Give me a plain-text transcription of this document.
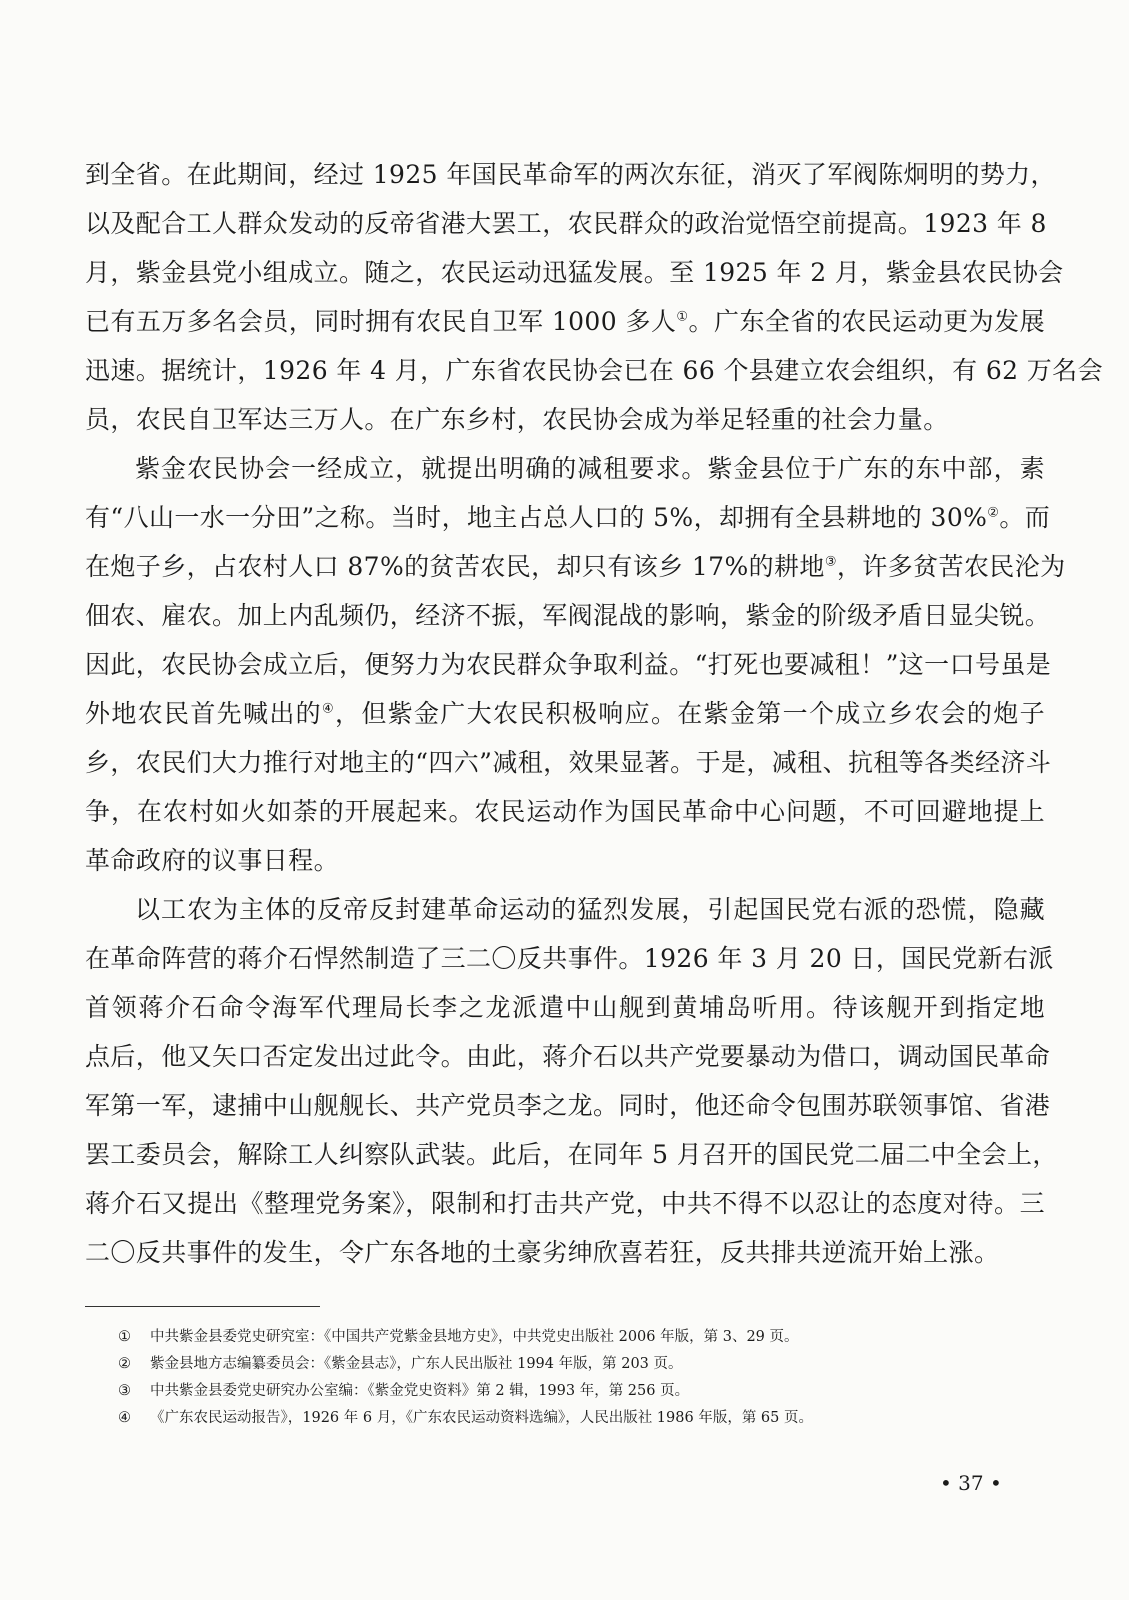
到全省。在此期间，经过 1925 年国民革命军的两次东征，消灭了军阀陈炯明的势力，
以及配合工人群众发动的反帝省港大罢工，农民群众的政治觉悟空前提高。1923 年 8
月，紫金县党小组成立。随之，农民运动迅猛发展。至 1925 年 2 月，紫金县农民协会
已有五万多名会员，同时拥有农民自卫军 1000 多人①。广东全省的农民运动更为发展
迅速。据统计，1926 年 4 月，广东省农民协会已在 66 个县建立农会组织，有 62 万名会
员，农民自卫军达三万人。在广东乡村，农民协会成为举足轻重的社会力量。
紫金农民协会一经成立，就提出明确的减租要求。紫金县位于广东的东中部，素
有“八山一水一分田”之称。当时，地主占总人口的 5%，却拥有全县耕地的 30%②。而
在炮子乡，占农村人口 87%的贫苦农民，却只有该乡 17%的耕地③，许多贫苦农民沦为
佃农、雇农。加上内乱频仍，经济不振，军阀混战的影响，紫金的阶级矛盾日显尖锐。
因此，农民协会成立后，便努力为农民群众争取利益。“打死也要减租！”这一口号虽是
外地农民首先喊出的④，但紫金广大农民积极响应。在紫金第一个成立乡农会的炮子
乡，农民们大力推行对地主的“四六”减租，效果显著。于是，减租、抗租等各类经济斗
争，在农村如火如荼的开展起来。农民运动作为国民革命中心问题，不可回避地提上
革命政府的议事日程。
以工农为主体的反帝反封建革命运动的猛烈发展，引起国民党右派的恐慌，隐藏
在革命阵营的蒋介石悍然制造了三二〇反共事件。1926 年 3 月 20 日，国民党新右派
首领蒋介石命令海军代理局长李之龙派遣中山舰到黄埔岛听用。待该舰开到指定地
点后，他又矢口否定发出过此令。由此，蒋介石以共产党要暴动为借口，调动国民革命
军第一军，逮捕中山舰舰长、共产党员李之龙。同时，他还命令包围苏联领事馆、省港
罢工委员会，解除工人纠察队武装。此后，在同年 5 月召开的国民党二届二中全会上，
蒋介石又提出《整理党务案》，限制和打击共产党，中共不得不以忍让的态度对待。三
二〇反共事件的发生，令广东各地的土豪劣绅欣喜若狂，反共排共逆流开始上涨。
① 中共紫金县委党史研究室：《中国共产党紫金县地方史》，中共党史出版社 2006 年版，第 3、29 页。
② 紫金县地方志编纂委员会：《紫金县志》，广东人民出版社 1994 年版，第 203 页。
③ 中共紫金县委党史研究办公室编：《紫金党史资料》第 2 辑，1993 年，第 256 页。
④ 《广东农民运动报告》，1926 年 6 月，《广东农民运动资料选编》，人民出版社 1986 年版，第 65 页。
• 37 •
